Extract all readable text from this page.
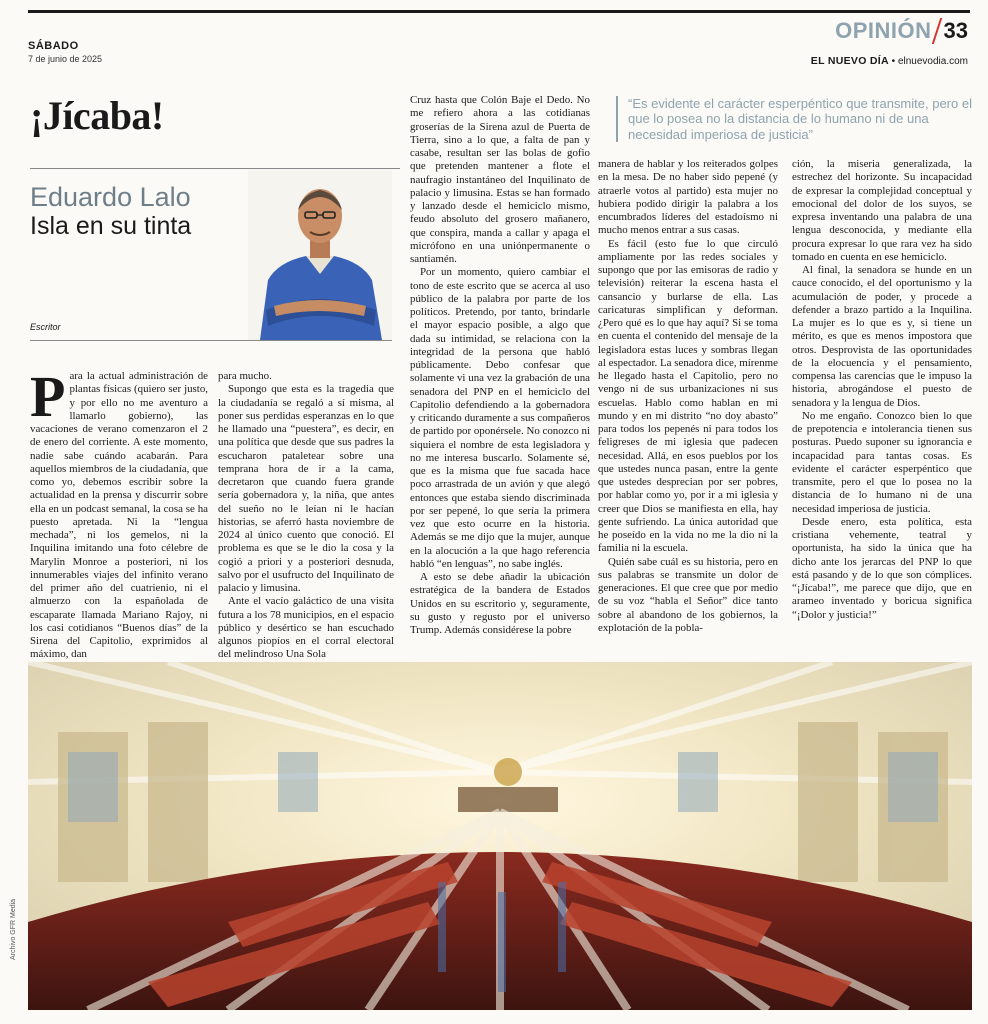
SÁBADO
7 de junio de 2025
OPINIÓN 33
EL NUEVO DÍA • elnuevodia.com
¡Jícaba!
Eduardo Lalo
Isla en su tinta
Escritor
“Es evidente el carácter esperpéntico que transmite, pero el que lo posea no la distancia de lo humano ni de una necesidad imperiosa de justicia”

Para la actual administración de plantas físicas (quiero ser justo, y por ello no me aventuro a llamarlo gobierno), las vacaciones de verano comenzaron el 2 de enero del corriente. A este momento, nadie sabe cuándo acabarán. Para aquellos miembros de la ciudadanía, que como yo, debemos escribir sobre la actualidad en la prensa y discurrir sobre ella en un podcast semanal, la cosa se ha puesto apretada. Ni la “lengua mechada”, ni los gemelos, ni la Inquilina imitando una foto célebre de Marylin Monroe a posteriori, ni los innumerables viajes del infinito verano del primer año del cuatrienio, ni el almuerzo con la españolada de escaparate llamada Mariano Rajoy, ni los casi cotidianos “Buenos días” de la Sirena del Capitolio, exprimidos al máximo, dan

para mucho.

Supongo que esta es la tragedia que la ciudadanía se regaló a sí misma, al poner sus perdidas esperanzas en lo que he llamado una “puestera”, es decir, en una política que desde que sus padres la escucharon pataletear sobre una temprana hora de ir a la cama, decretaron que cuando fuera grande sería gobernadora y, la niña, que antes del sueño no le leían ni le hacían historias, se aferró hasta noviembre de 2024 al único cuento que conoció. El problema es que se le dio la cosa y la cogió a priori y a posteriori desnuda, salvo por el usufructo del Inquilinato de palacio y limusina.

Ante el vacío galáctico de una visita futura a los 78 municipios, en el espacio público y desértico se han escuchado algunos piopíos en el corral electoral del melindroso Una Sola

Cruz hasta que Colón Baje el Dedo. No me refiero ahora a las cotidianas groserías de la Sirena azul de Puerta de Tierra, sino a lo que, a falta de pan y casabe, resultan ser las bolas de gofio que pretenden mantener a flote el naufragio instantáneo del Inquilinato de palacio y limusina. Estas se han formado y lanzado desde el hemiciclo mismo, feudo absoluto del grosero mañanero, que conspira, manda a callar y apaga el micrófono en una uniónpermanente o santiamén.

Por un momento, quiero cambiar el tono de este escrito que se acerca al uso público de la palabra por parte de los políticos. Pretendo, por tanto, brindarle el mayor espacio posible, a algo que dada su intimidad, se relaciona con la integridad de la persona que habló públicamente. Debo confesar que solamente vi una vez la grabación de una senadora del PNP en el hemiciclo del Capitolio defendiendo a la gobernadora y criticando duramente a sus compañeros de partido por oponérsele. No conozco ni siquiera el nombre de esta legisladora y no me interesa buscarlo. Solamente sé, que es la misma que fue sacada hace poco arrastrada de un avión y que alegó entonces que estaba siendo discriminada por ser pepené, lo que sería la primera vez que esto ocurre en la historia. Además se me dijo que la mujer, aunque en la alocución a la que hago referencia habló “en lenguas”, no sabe inglés.

A esto se debe añadir la ubicación estratégica de la bandera de Estados Unidos en su escritorio y, seguramente, su gusto y regusto por el universo Trump. Además considérese la pobre

manera de hablar y los reiterados golpes en la mesa. De no haber sido pepené (y atraerle votos al partido) esta mujer no hubiera podido dirigir la palabra a los encumbrados líderes del estadoísmo ni mucho menos entrar a sus casas.

Es fácil (esto fue lo que circuló ampliamente por las redes sociales y supongo que por las emisoras de radio y televisión) reiterar la escena hasta el cansancio y burlarse de ella. Las caricaturas simplifican y deforman. ¿Pero qué es lo que hay aquí? Si se toma en cuenta el contenido del mensaje de la legisladora estas luces y sombras llegan al espectador. La senadora dice, mírenme he llegado hasta el Capitolio, pero no vengo ni de sus urbanizaciones ni sus escuelas. Hablo como hablan en mi mundo y en mi distrito “no doy abasto” para todos los pepenés ni para todos los feligreses de mi iglesia que padecen necesidad. Allá, en esos pueblos por los que ustedes nunca pasan, entre la gente que ustedes desprecian por ser pobres, por hablar como yo, por ir a mi iglesia y creer que Dios se manifiesta en ella, hay gente sufriendo. La única autoridad que he poseído en la vida no me la dio ni la familia ni la escuela.

Quién sabe cuál es su historia, pero en sus palabras se transmite un dolor de generaciones. El que cree que por medio de su voz “habla el Señor” dice tanto sobre al abandono de los gobiernos, la explotación de la pobla-

ción, la miseria generalizada, la estrechez del horizonte. Su incapacidad de expresar la complejidad conceptual y emocional del dolor de los suyos, se expresa inventando una palabra de una lengua desconocida, y mediante ella procura expresar lo que rara vez ha sido tomado en cuenta en ese hemiciclo.

Al final, la senadora se hunde en un cauce conocido, el del oportunismo y la acumulación de poder, y procede a defender a brazo partido a la Inquilina. La mujer es lo que es y, si tiene un mérito, es que es menos impostora que otros. Desprovista de las oportunidades de la elocuencia y el pensamiento, compensa las carencias que le impuso la historia, abrogándose el puesto de senadora y la lengua de Dios.

No me engaño. Conozco bien lo que de prepotencia e intolerancia tienen sus posturas. Puedo suponer su ignorancia e incapacidad para tantas cosas. Es evidente el carácter esperpéntico que transmite, pero el que lo posea no la distancia de lo humano ni de una necesidad imperiosa de justicia.

Desde enero, esta política, esta cristiana vehemente, teatral y oportunista, ha sido la única que ha dicho ante los jerarcas del PNP lo que está pasando y de lo que son cómplices. “¡Jícaba!”, me parece que dijo, que en arameo inventado y boricua significa “¡Dolor y justicia!”

Archivo GFR Media
